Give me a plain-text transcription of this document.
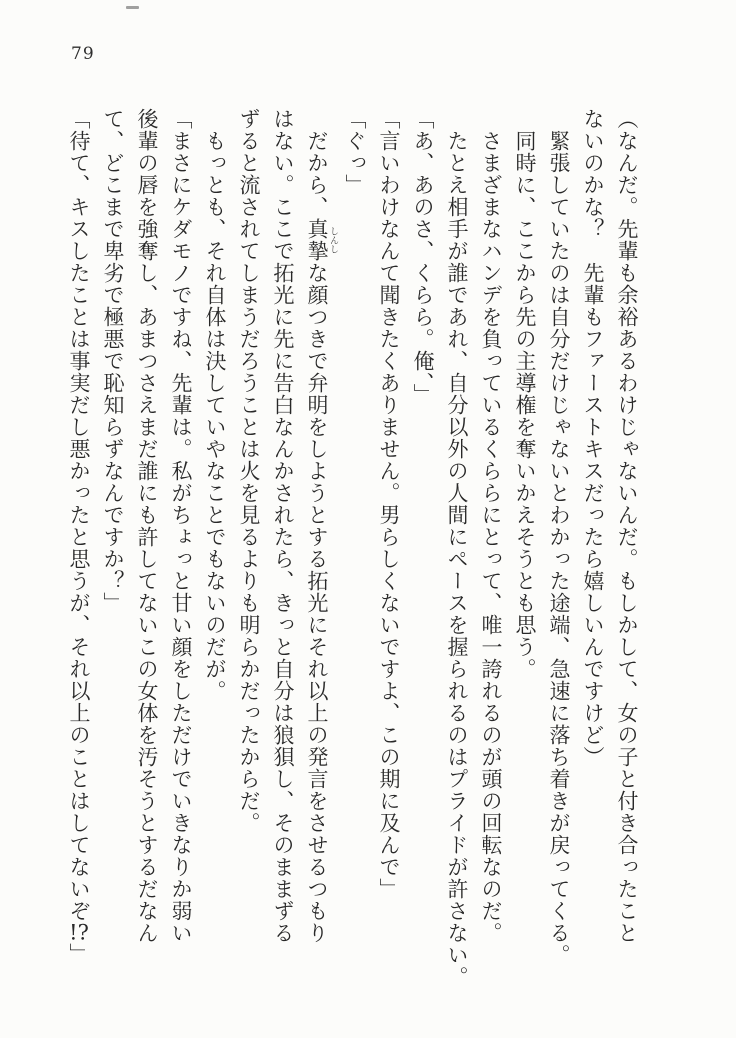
79

（なんだ。先輩も余裕あるわけじゃないんだ。もしかして、女の子と付き合ったこと

ないのかな？　先輩もファーストキスだったら嬉しいんですけど）

緊張していたのは自分だけじゃないとわかった途端、急速に落ち着きが戻ってくる。

同時に、ここから先の主導権を奪いかえそうとも思う。

さまざまなハンデを負っているくららにとって、唯一誇れるのが頭の回転なのだ。

たとえ相手が誰であれ、自分以外の人間にペースを握られるのはプライドが許さない。

「あ、あのさ、くらら。俺、」

「言いわけなんて聞きたくありません。男らしくないですよ、この期に及んで」

「ぐっ」

だから、真摯 しんしな顔つきで弁明をしようとする拓光にそれ以上の発言をさせるつもり

はない。ここで拓光に先に告白なんかされたら、きっと自分は狼狽し、そのままずる

ずると流されてしまうだろうことは火を見るよりも明らかだったからだ。

もっとも、それ自体は決していやなことでもないのだが。

「まさにケダモノですね、先輩は。私がちょっと甘い顔をしただけでいきなりか弱い

後輩の唇を強奪し、あまつさえまだ誰にも許してないこの女体を汚そうとするだなん

て、どこまで卑劣で極悪で恥知らずなんですか？」

「待て、キスしたことは事実だし悪かったと思うが、それ以上のことはしてないぞ!?」
